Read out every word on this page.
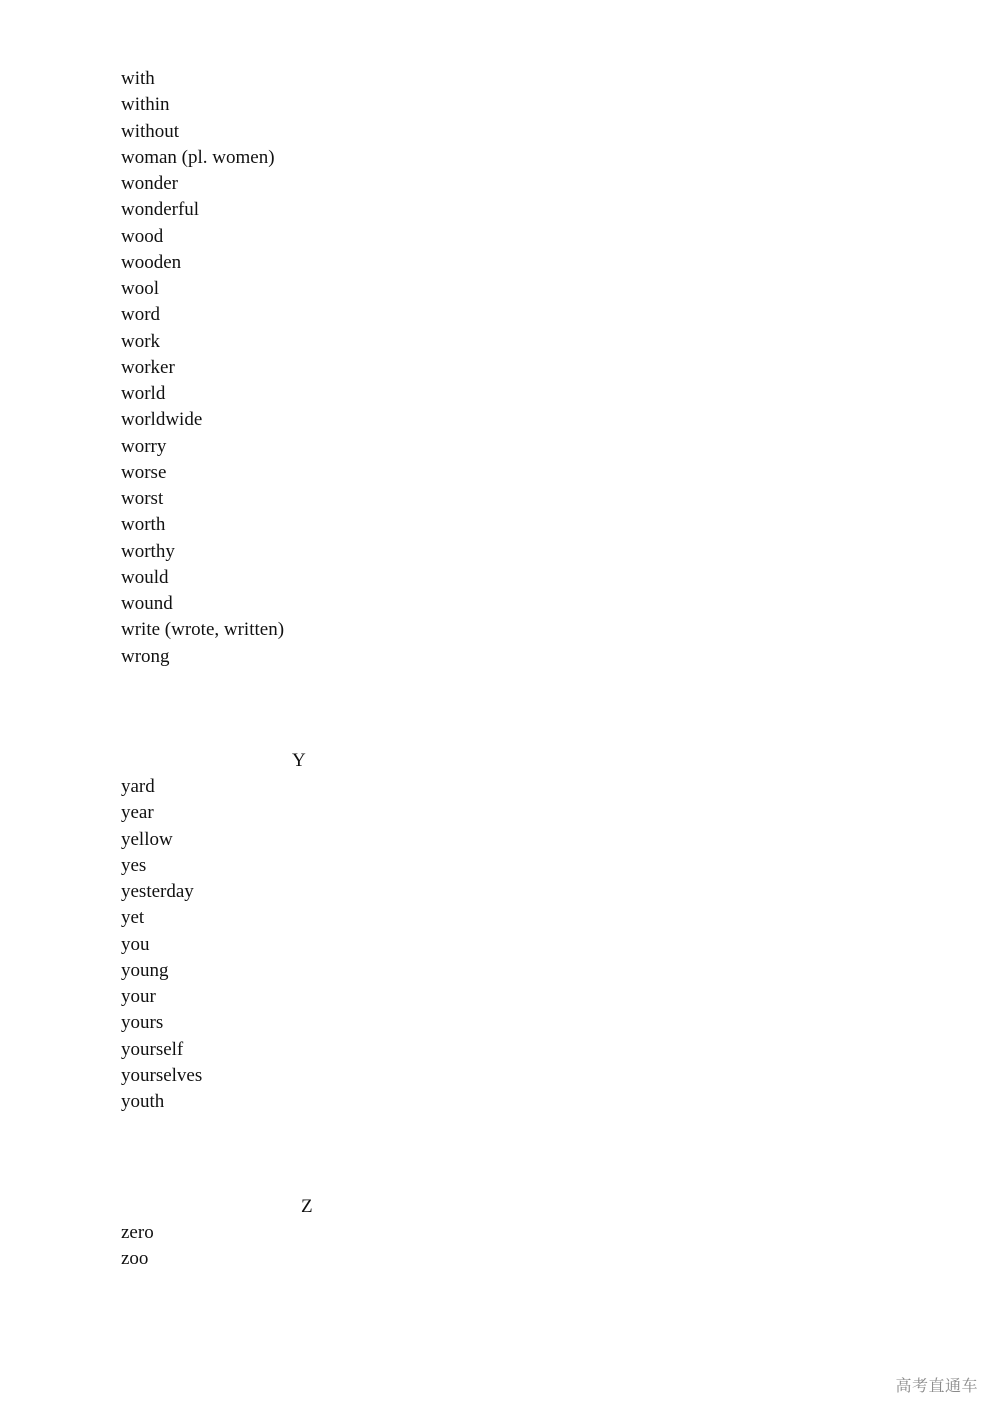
with
within
without
woman (pl. women)
wonder
wonderful
wood
wooden
wool
word
work
worker
world
worldwide
worry
worse
worst
worth
worthy
would
wound
write (wrote, written)
wrong
Y
yard
year
yellow
yes
yesterday
yet
you
young
your
yours
yourself
yourselves
youth
Z
zero
zoo
高考直通车
